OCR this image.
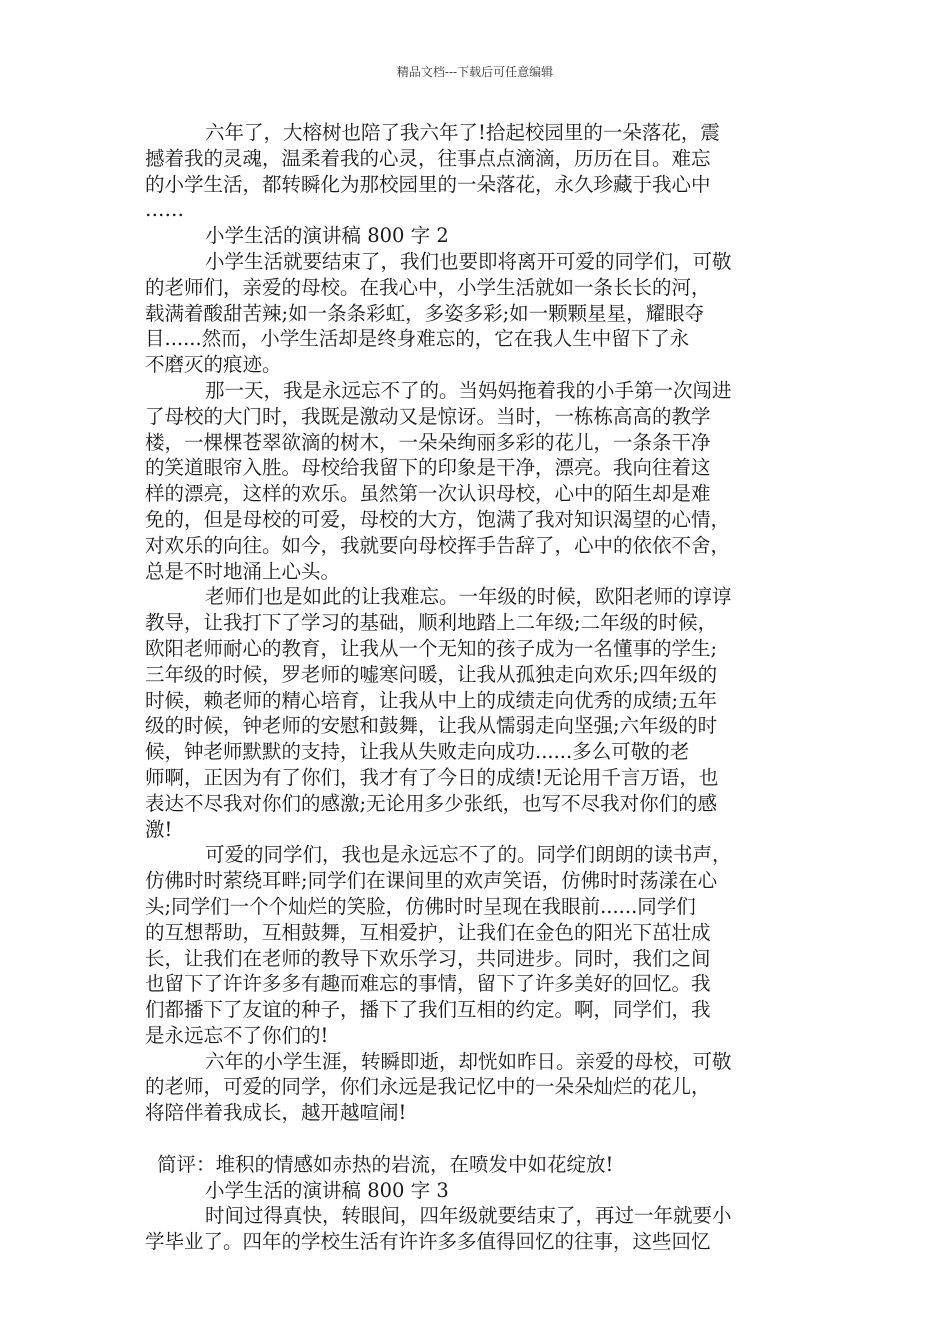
精品文档---下载后可任意编辑
六年了，大榕树也陪了我六年了!拾起校园里的一朵落花，震
撼着我的灵魂，温柔着我的心灵，往事点点滴滴，历历在目。难忘
的小学生活，都转瞬化为那校园里的一朵落花，永久珍藏于我心中
……
小学生活的演讲稿 800 字 2
小学生活就要结束了，我们也要即将离开可爱的同学们，可敬
的老师们，亲爱的母校。在我心中，小学生活就如一条长长的河，
载满着酸甜苦辣;如一条条彩虹，多姿多彩;如一颗颗星星，耀眼夺
目......然而，小学生活却是终身难忘的，它在我人生中留下了永
不磨灭的痕迹。
那一天，我是永远忘不了的。当妈妈拖着我的小手第一次闯进
了母校的大门时，我既是激动又是惊讶。当时，一栋栋高高的教学
楼，一棵棵苍翠欲滴的树木，一朵朵绚丽多彩的花儿，一条条干净
的笑道眼帘入胜。母校给我留下的印象是干净，漂亮。我向往着这
样的漂亮，这样的欢乐。虽然第一次认识母校，心中的陌生却是难
免的，但是母校的可爱，母校的大方，饱满了我对知识渴望的心情，
对欢乐的向往。如今，我就要向母校挥手告辞了，心中的依依不舍，
总是不时地涌上心头。
老师们也是如此的让我难忘。一年级的时候，欧阳老师的谆谆
教导，让我打下了学习的基础，顺利地踏上二年级;二年级的时候，
欧阳老师耐心的教育，让我从一个无知的孩子成为一名懂事的学生;
三年级的时候，罗老师的嘘寒问暖，让我从孤独走向欢乐;四年级的
时候，赖老师的精心培育，让我从中上的成绩走向优秀的成绩;五年
级的时候，钟老师的安慰和鼓舞，让我从懦弱走向坚强;六年级的时
候，钟老师默默的支持，让我从失败走向成功......多么可敬的老
师啊，正因为有了你们，我才有了今日的成绩!无论用千言万语，也
表达不尽我对你们的感激;无论用多少张纸，也写不尽我对你们的感
激!
可爱的同学们，我也是永远忘不了的。同学们朗朗的读书声，
仿佛时时萦绕耳畔;同学们在课间里的欢声笑语，仿佛时时荡漾在心
头;同学们一个个灿烂的笑脸，仿佛时时呈现在我眼前......同学们
的互想帮助，互相鼓舞，互相爱护，让我们在金色的阳光下茁壮成
长，让我们在老师的教导下欢乐学习，共同进步。同时，我们之间
也留下了许许多多有趣而难忘的事情，留下了许多美好的回忆。我
们都播下了友谊的种子，播下了我们互相的约定。啊，同学们，我
是永远忘不了你们的!
六年的小学生涯，转瞬即逝，却恍如昨日。亲爱的母校，可敬
的老师，可爱的同学，你们永远是我记忆中的一朵朵灿烂的花儿，
将陪伴着我成长，越开越喧闹!
简评：堆积的情感如赤热的岩流，在喷发中如花绽放!
小学生活的演讲稿 800 字 3
时间过得真快，转眼间，四年级就要结束了，再过一年就要小
学毕业了。四年的学校生活有许许多多值得回忆的往事，这些回忆
